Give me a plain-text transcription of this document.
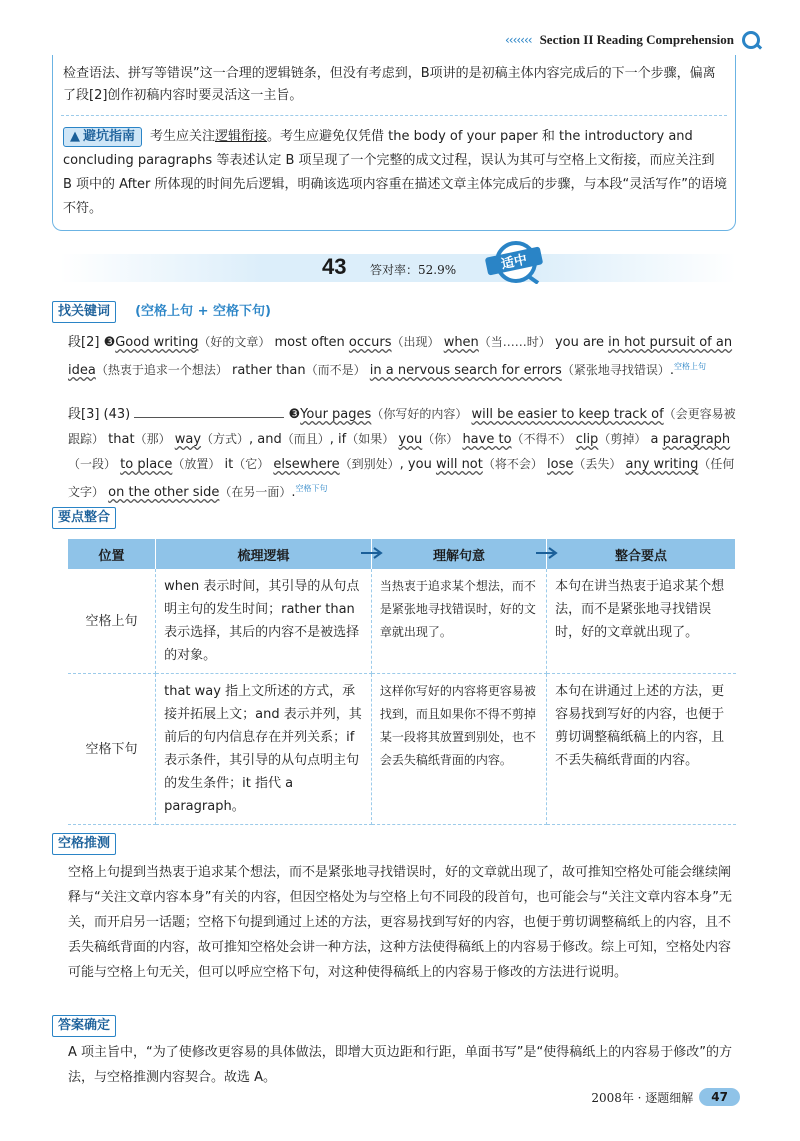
‹‹‹‹‹‹‹ Section II Reading Comprehension
检查语法、拼写等错误”这一合理的逻辑链条，但没有考虑到，B项讲的是初稿主体内容完成后的下一个步骤，偏离了段[2]创作初稿内容时要灵活这一主旨。
▲ 避坑指南 考生应关注逻辑衔接。考生应避免仅凭借 the body of your paper 和 the introductory and concluding paragraphs 等表述认定 B 项呈现了一个完整的成文过程，误认为其可与空格上文衔接，而应关注到 B 项中的 After 所体现的时间先后逻辑，明确该选项内容重在描述文章主体完成后的步骤，与本段“灵活写作”的语境不符。
43 答对率：52.9%	适中
找关键词 (空格上句 + 空格下句)
段[2] ❸Good writing（好的文章） most often occurs（出现） when（当……时） you are in hot pursuit of an idea（热衷于追求一个想法） rather than（而不是） in a nervous search for errors（紧张地寻找错误）.$^{空格上句}$
段[3] (43)	❸Your pages（你写好的内容） will be easier to keep track of（会更容易被跟踪） that（那） way（方式）, and（而且）, if（如果） you（你） have to（不得不） clip（剪掉） a paragraph（一段） to place（放置） it（它） elsewhere（到别处）, you will not（将不会） lose（丢失） any writing（任何文字） on the other side（在另一面）.$^{空格下句}$
要点整合
位置	梳理逻辑	理解句意	整合要点
空格上句	when 表示时间，其引导的从句点明主句的发生时间；rather than 表示选择，其后的内容不是被选择的对象。	当热衷于追求某个想法，而不是紧张地寻找错误时，好的文章就出现了。	本句在讲当热衷于追求某个想法，而不是紧张地寻找错误时，好的文章就出现了。
空格下句	that way 指上文所述的方式，承接并拓展上文；and 表示并列，其前后的句内信息存在并列关系；if 表示条件，其引导的从句点明主句的发生条件；it 指代 a paragraph。	这样你写好的内容将更容易被找到，而且如果你不得不剪掉某一段将其放置到别处，也不会丢失稿纸背面的内容。	本句在讲通过上述的方法，更容易找到写好的内容，也便于剪切调整稿纸稿上的内容，且不丢失稿纸背面的内容。
空格推测
空格上句提到当热衷于追求某个想法，而不是紧张地寻找错误时，好的文章就出现了，故可推知空格处可能会继续阐释与“关注文章内容本身”有关的内容，但因空格处为与空格上句不同段的段首句，也可能会与“关注文章内容本身”无关，而开启另一话题；空格下句提到通过上述的方法，更容易找到写好的内容，也便于剪切调整稿纸上的内容，且不丢失稿纸背面的内容，故可推知空格处会讲一种方法，这种方法使得稿纸上的内容易于修改。综上可知，空格处内容可能与空格上句无关，但可以呼应空格下句，对这种使得稿纸上的内容易于修改的方法进行说明。
答案确定
A 项主旨中，“为了使修改更容易的具体做法，即增大页边距和行距，单面书写”是“使得稿纸上的内容易于修改”的方法，与空格推测内容契合。故选 A。
2008年 · 逐题细解	47
